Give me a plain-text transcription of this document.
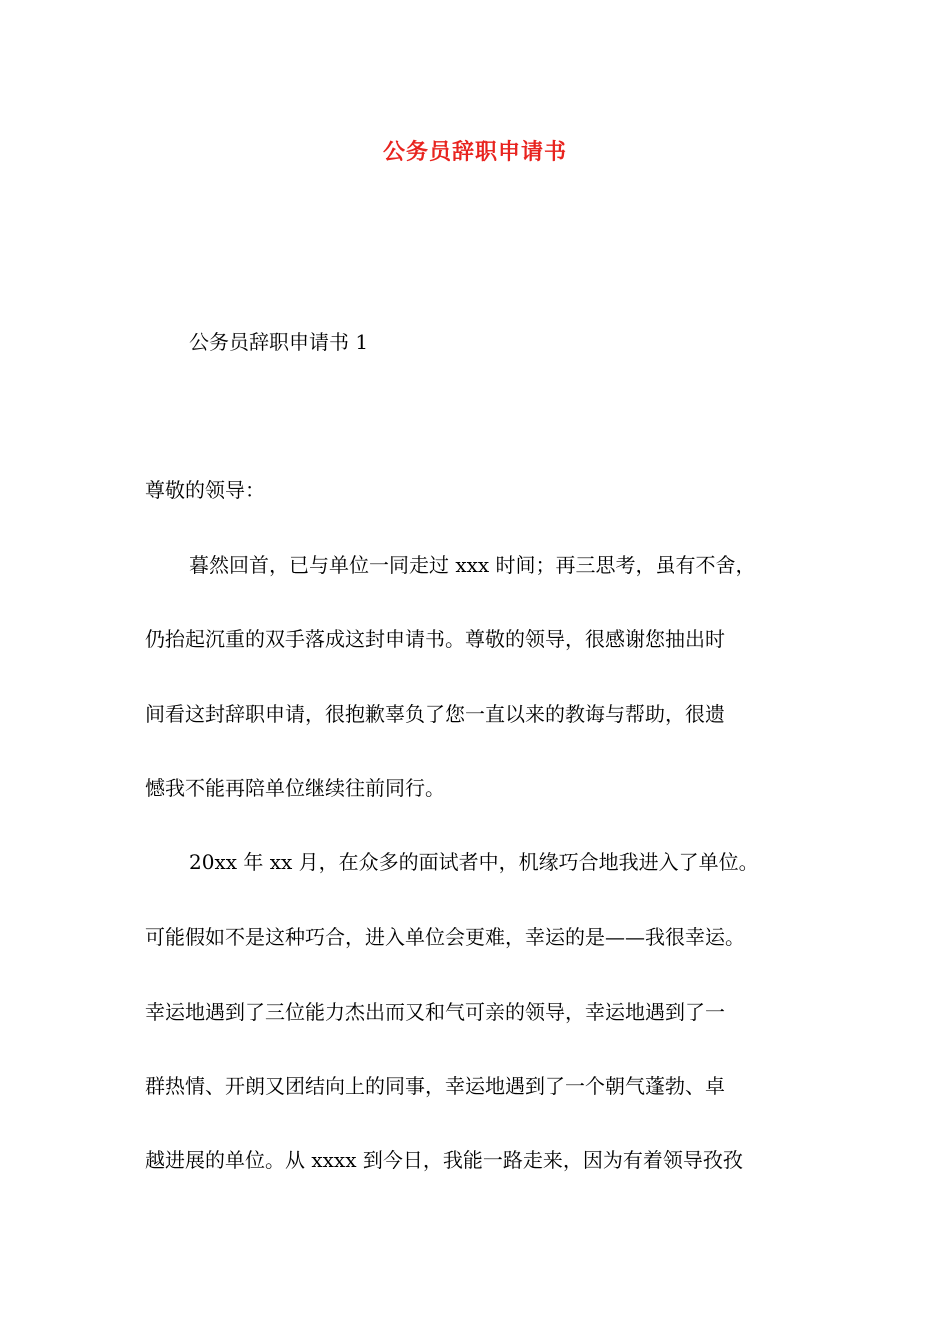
公务员辞职申请书
公务员辞职申请书 1
尊敬的领导：
暮然回首，已与单位一同走过 xxx 时间；再三思考，虽有不舍，
仍抬起沉重的双手落成这封申请书。尊敬的领导，很感谢您抽出时
间看这封辞职申请，很抱歉辜负了您一直以来的教诲与帮助，很遗
憾我不能再陪单位继续往前同行。
20xx 年 xx 月，在众多的面试者中，机缘巧合地我进入了单位。
可能假如不是这种巧合，进入单位会更难，幸运的是——我很幸运。
幸运地遇到了三位能力杰出而又和气可亲的领导，幸运地遇到了一
群热情、开朗又团结向上的同事，幸运地遇到了一个朝气蓬勃、卓
越进展的单位。从 xxxx 到今日，我能一路走来，因为有着领导孜孜
